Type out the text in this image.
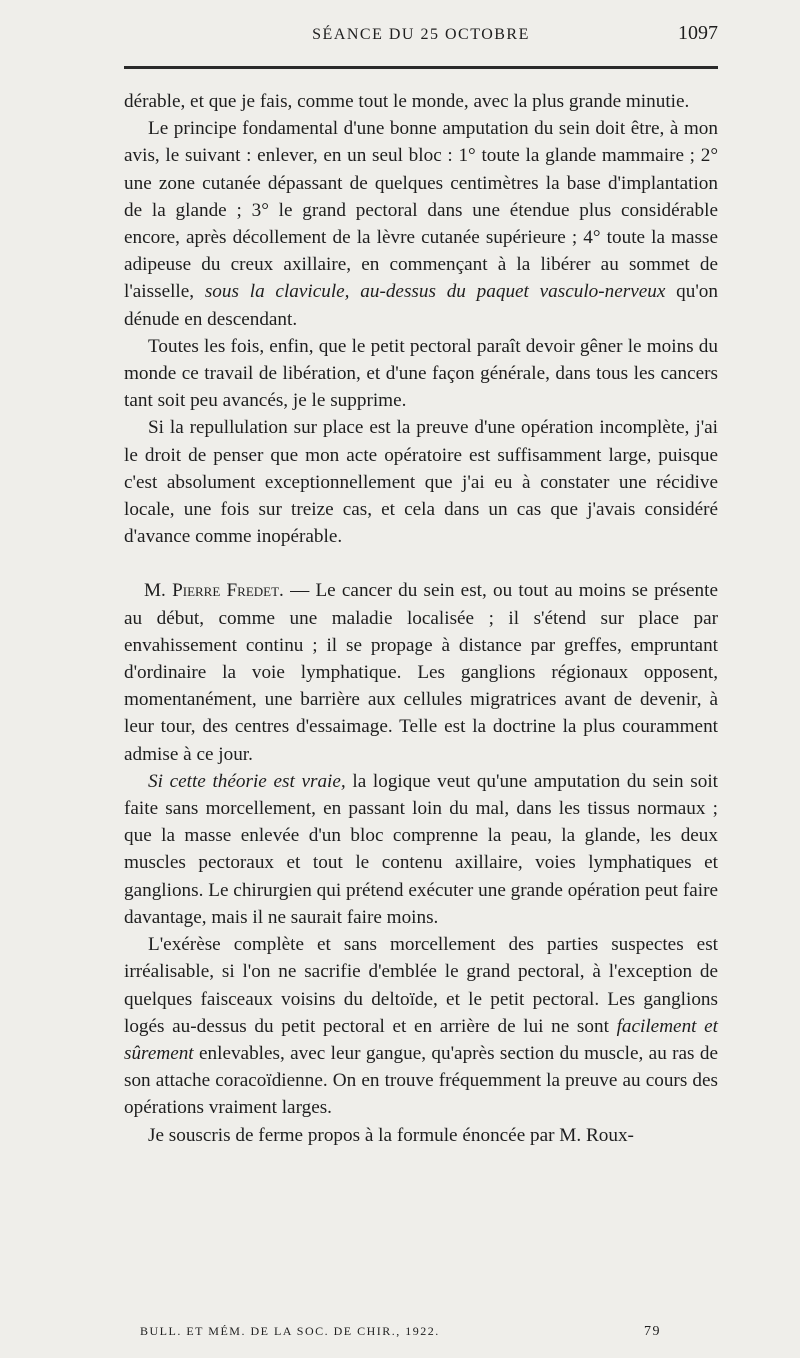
SÉANCE DU 25 OCTOBRE	1097

dérable, et que je fais, comme tout le monde, avec la plus grande minutie.

Le principe fondamental d'une bonne amputation du sein doit être, à mon avis, le suivant : enlever, en un seul bloc : 1° toute la glande mammaire ; 2° une zone cutanée dépassant de quelques centimètres la base d'implantation de la glande ; 3° le grand pectoral dans une étendue plus considérable encore, après décollement de la lèvre cutanée supérieure ; 4° toute la masse adipeuse du creux axillaire, en commençant à la libérer au sommet de l'aisselle, sous la clavicule, au-dessus du paquet vasculo-nerveux qu'on dénude en descendant.

Toutes les fois, enfin, que le petit pectoral paraît devoir gêner le moins du monde ce travail de libération, et d'une façon générale, dans tous les cancers tant soit peu avancés, je le supprime.

Si la repullulation sur place est la preuve d'une opération incomplète, j'ai le droit de penser que mon acte opératoire est suffisamment large, puisque c'est absolument exceptionnellement que j'ai eu à constater une récidive locale, une fois sur treize cas, et cela dans un cas que j'avais considéré d'avance comme inopérable.

M. Pierre Fredet. — Le cancer du sein est, ou tout au moins se présente au début, comme une maladie localisée ; il s'étend sur place par envahissement continu ; il se propage à distance par greffes, empruntant d'ordinaire la voie lymphatique. Les ganglions régionaux opposent, momentanément, une barrière aux cellules migratrices avant de devenir, à leur tour, des centres d'essaimage. Telle est la doctrine la plus couramment admise à ce jour.

Si cette théorie est vraie, la logique veut qu'une amputation du sein soit faite sans morcellement, en passant loin du mal, dans les tissus normaux ; que la masse enlevée d'un bloc comprenne la peau, la glande, les deux muscles pectoraux et tout le contenu axillaire, voies lymphatiques et ganglions. Le chirurgien qui prétend exécuter une grande opération peut faire davantage, mais il ne saurait faire moins.

L'exérèse complète et sans morcellement des parties suspectes est irréalisable, si l'on ne sacrifie d'emblée le grand pectoral, à l'exception de quelques faisceaux voisins du deltoïde, et le petit pectoral. Les ganglions logés au-dessus du petit pectoral et en arrière de lui ne sont facilement et sûrement enlevables, avec leur gangue, qu'après section du muscle, au ras de son attache coracoïdienne. On en trouve fréquemment la preuve au cours des opérations vraiment larges.

Je souscris de ferme propos à la formule énoncée par M. Roux-

BULL. ET MÉM. DE LA SOC. DE CHIR., 1922.	79
